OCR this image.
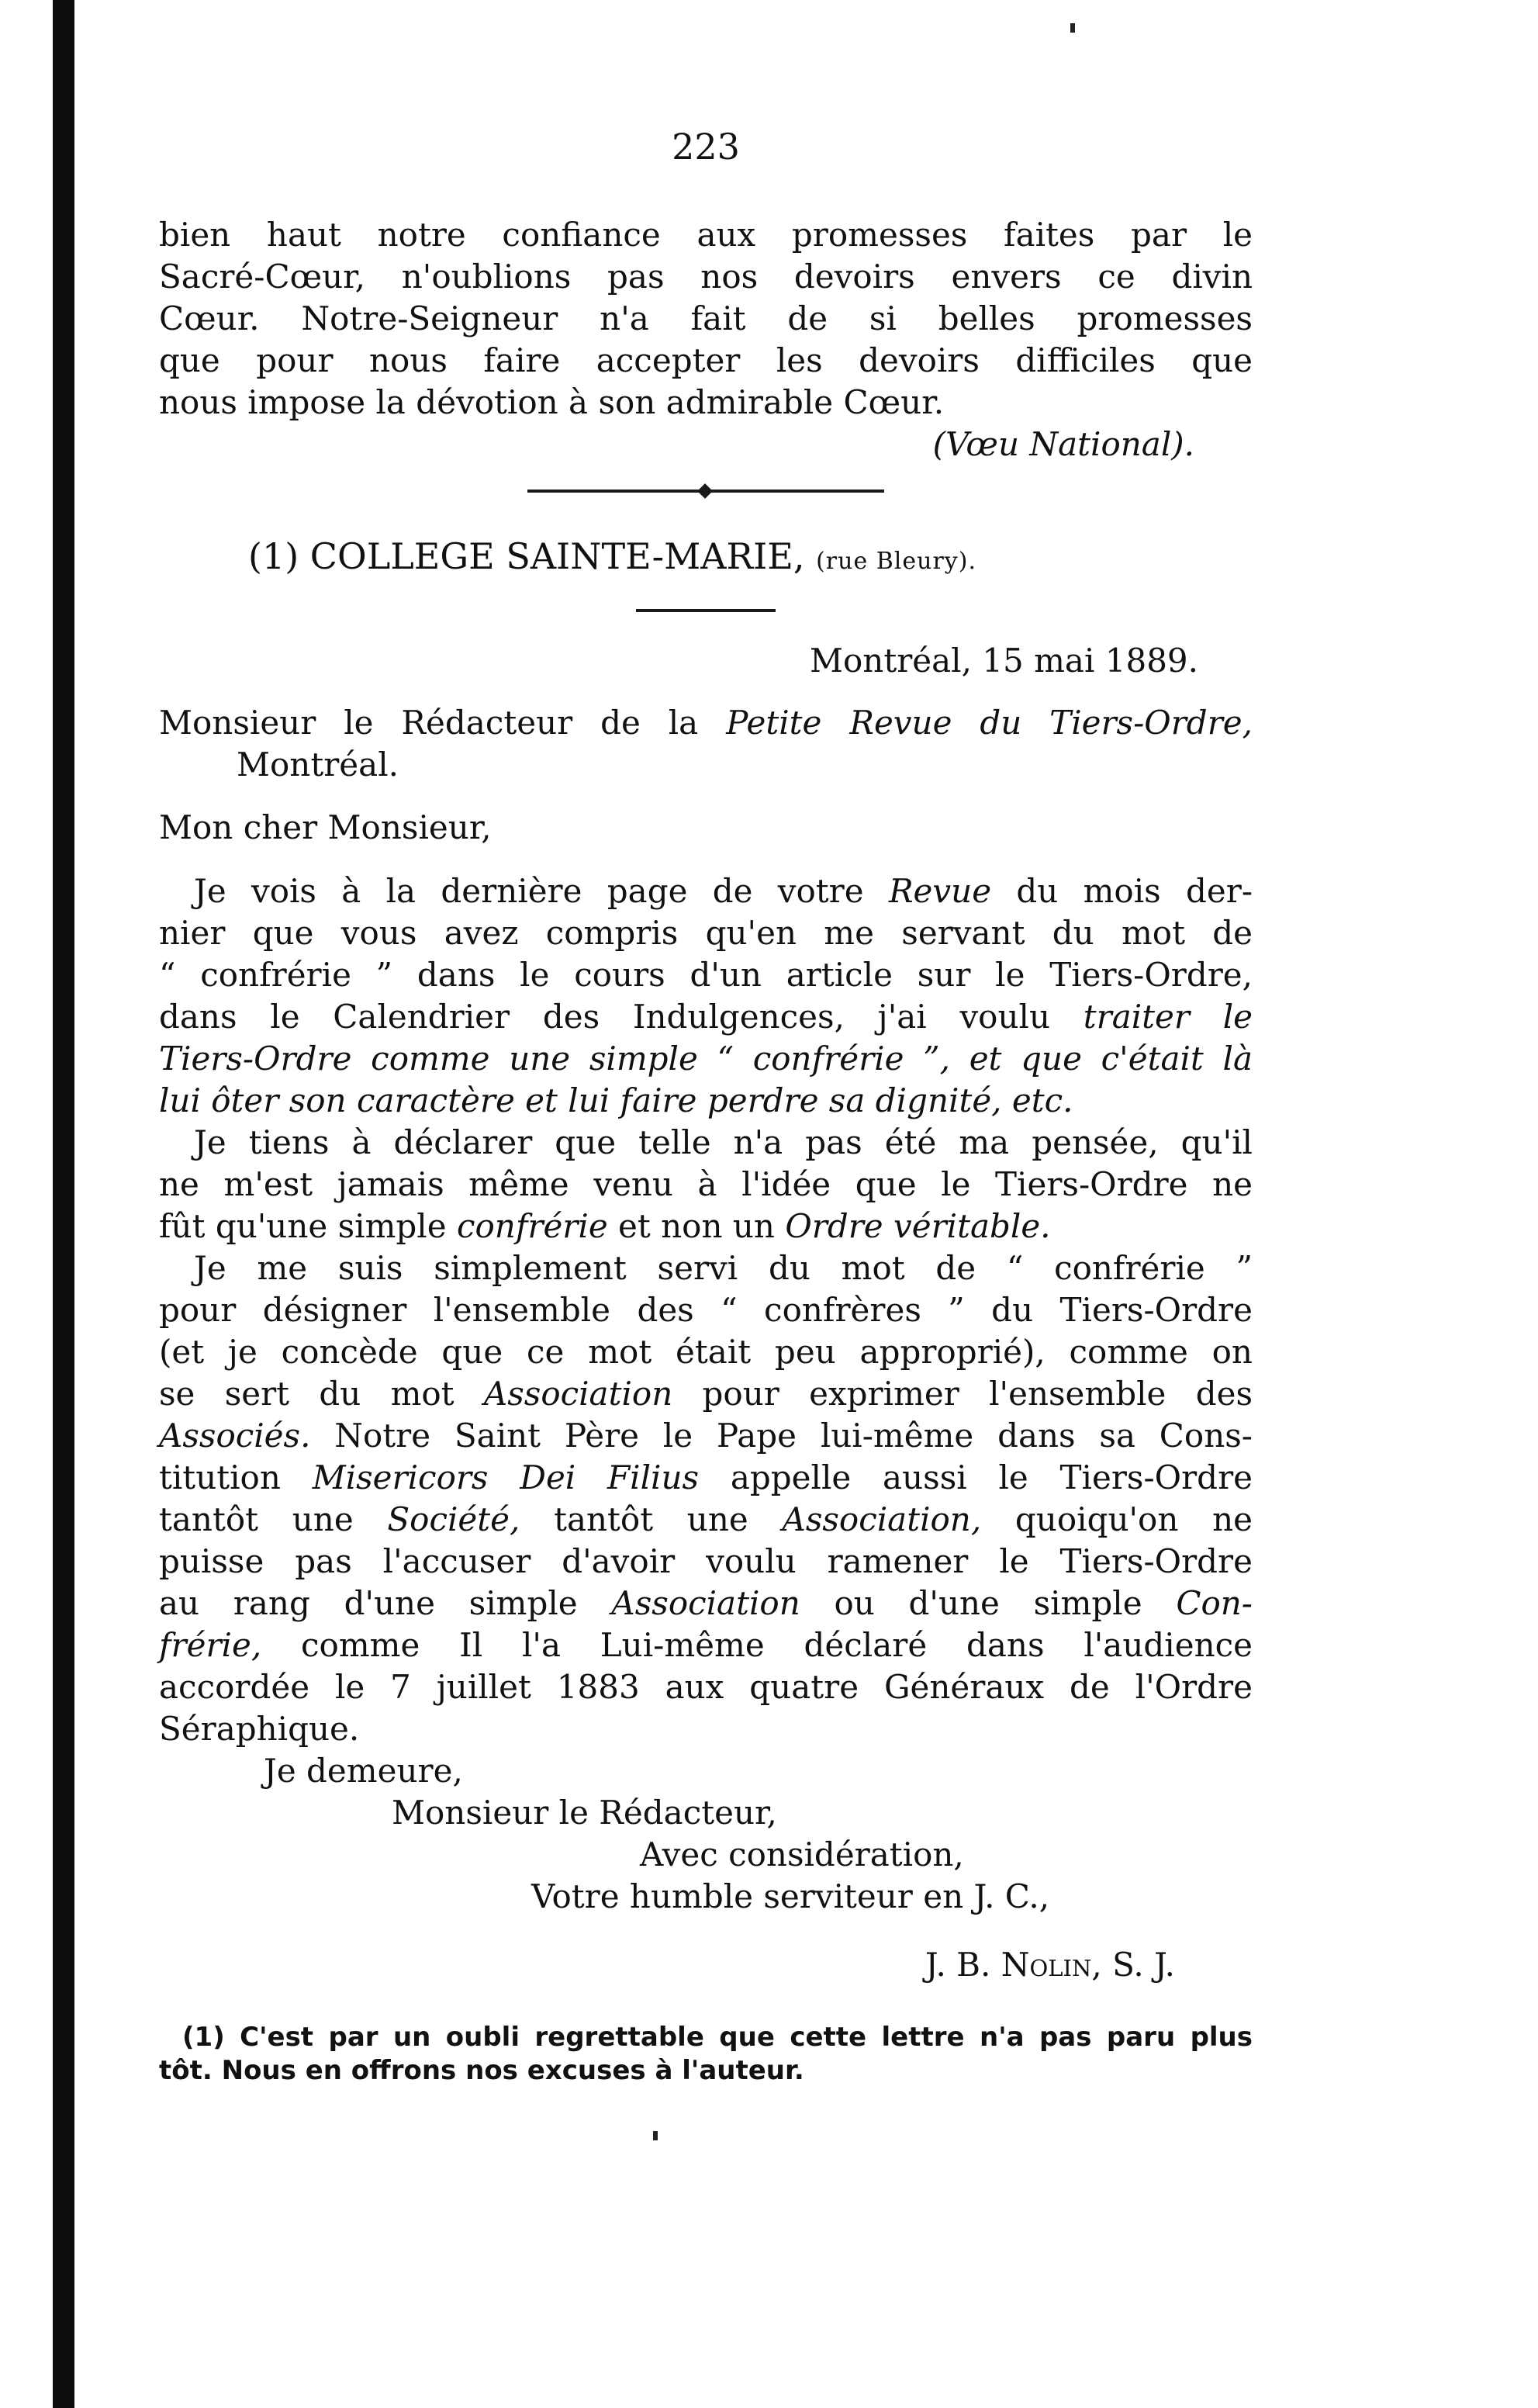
223
bien haut notre confiance aux promesses faites par le
Sacré-Cœur, n'oublions pas nos devoirs envers ce divin
Cœur. Notre-Seigneur n'a fait de si belles promesses
que pour nous faire accepter les devoirs difficiles que
nous impose la dévotion à son admirable Cœur.
(Vœu National).
(1) COLLEGE SAINTE-MARIE, (rue Bleury).
Montréal, 15 mai 1889.
Monsieur le Rédacteur de la Petite Revue du Tiers-Ordre,
Montréal.
Mon cher Monsieur,
Je vois à la dernière page de votre Revue du mois der-
nier que vous avez compris qu'en me servant du mot de
“ confrérie ” dans le cours d'un article sur le Tiers-Ordre,
dans le Calendrier des Indulgences, j'ai voulu traiter le
Tiers-Ordre comme une simple “ confrérie ”, et que c'était là
lui ôter son caractère et lui faire perdre sa dignité, etc.
Je tiens à déclarer que telle n'a pas été ma pensée, qu'il
ne m'est jamais même venu à l'idée que le Tiers-Ordre ne
fût qu'une simple confrérie et non un Ordre véritable.
Je me suis simplement servi du mot de “ confrérie ”
pour désigner l'ensemble des “ confrères ” du Tiers-Ordre
(et je concède que ce mot était peu approprié), comme on
se sert du mot Association pour exprimer l'ensemble des
Associés. Notre Saint Père le Pape lui-même dans sa Cons-
titution Misericors Dei Filius appelle aussi le Tiers-Ordre
tantôt une Société, tantôt une Association, quoiqu'on ne
puisse pas l'accuser d'avoir voulu ramener le Tiers-Ordre
au rang d'une simple Association ou d'une simple Con-
frérie, comme Il l'a Lui-même déclaré dans l'audience
accordée le 7 juillet 1883 aux quatre Généraux de l'Ordre
Séraphique.
Je demeure,
Monsieur le Rédacteur,
Avec considération,
Votre humble serviteur en J. C.,
J. B. Nolin, S. J.
(1) C'est par un oubli regrettable que cette lettre n'a pas paru plus
tôt. Nous en offrons nos excuses à l'auteur.
